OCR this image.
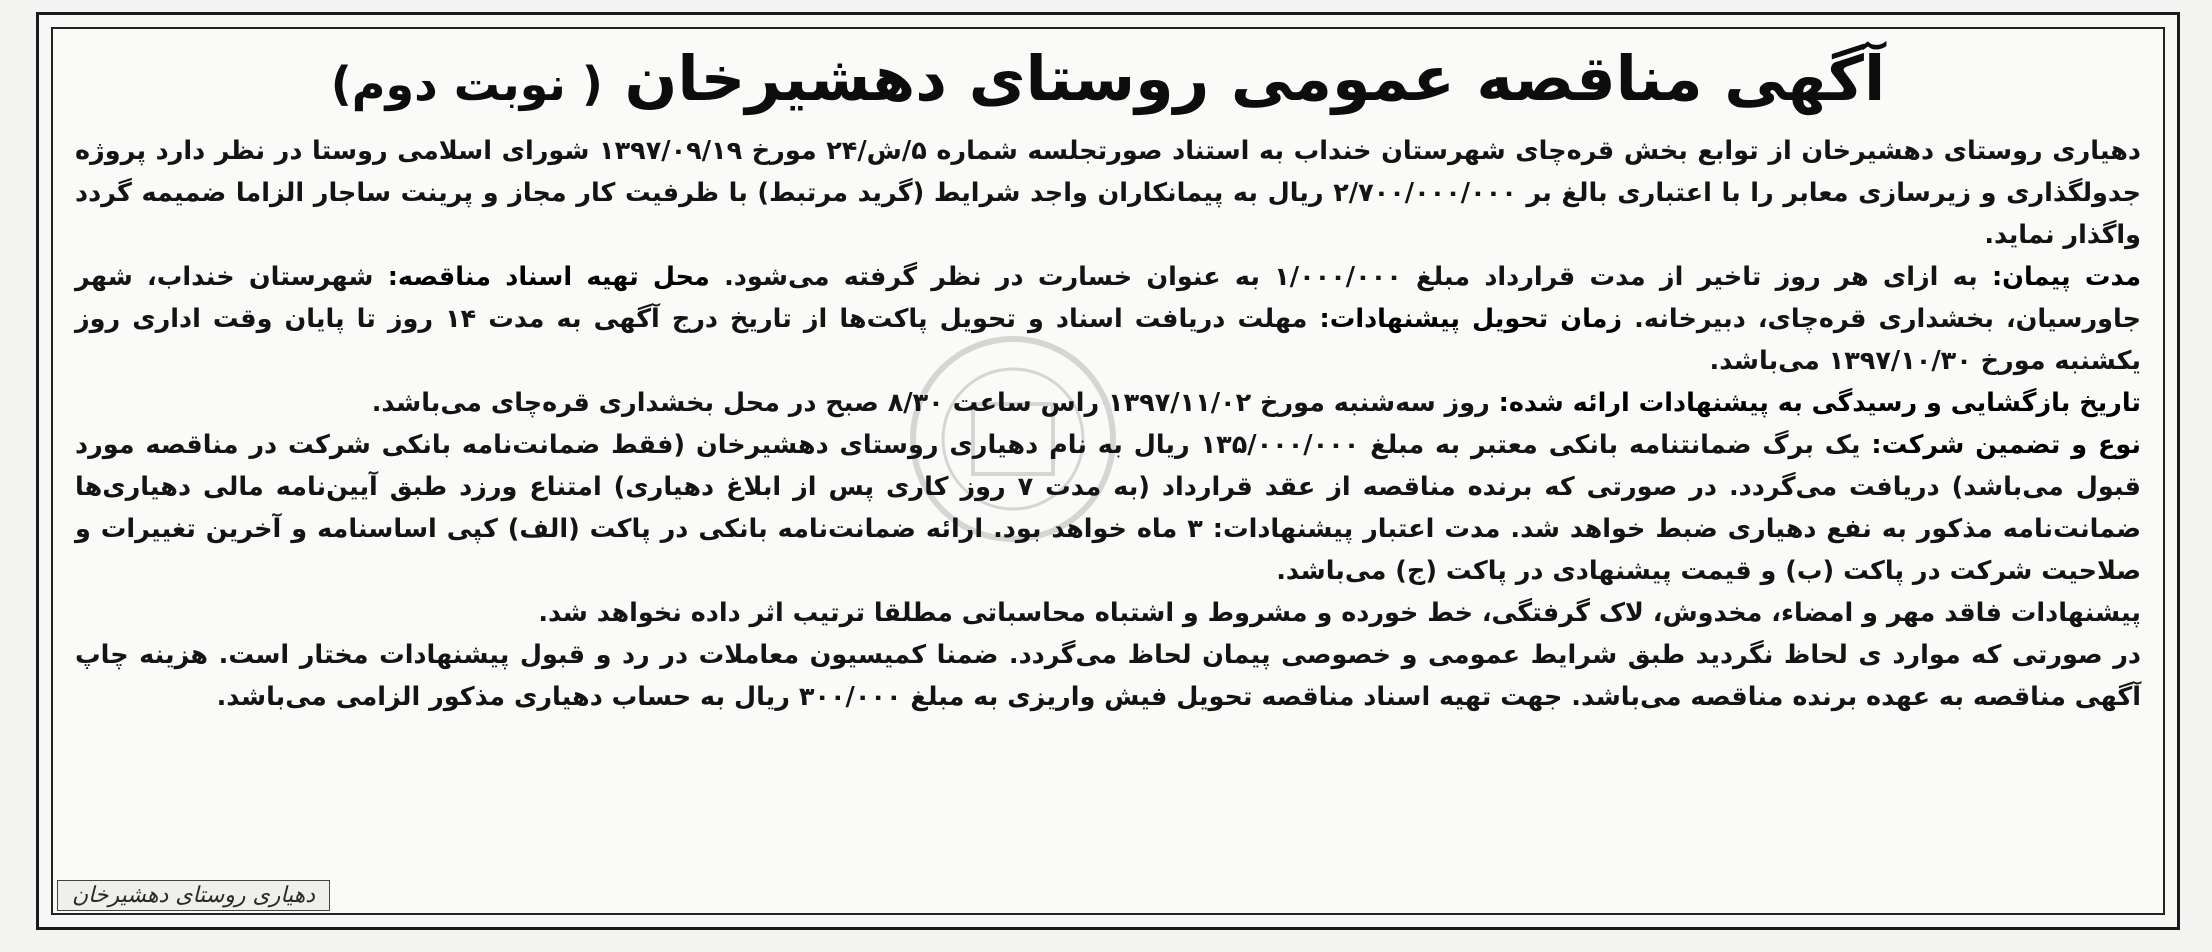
آگهی مناقصه عمومی روستای دهشیرخان ( نوبت دوم)

دهیاری روستای دهشیرخان از توابع بخش قره‌چای شهرستان خنداب به استناد صورتجلسه شماره ۵/ش/۲۴ مورخ ۱۳۹۷/۰۹/۱۹ شورای اسلامی روستا در نظر دارد پروژه جدولگذاری و زیرسازی معابر را با اعتباری بالغ بر ۲/۷۰۰/۰۰۰/۰۰۰ ریال به پیمانکاران واجد شرایط (گرید مرتبط) با ظرفیت کار مجاز و پرینت ساجار الزاما ضمیمه گردد واگذار نماید.

مدت پیمان: به ازای هر روز تاخیر از مدت قرارداد مبلغ ۱/۰۰۰/۰۰۰ به عنوان خسارت در نظر گرفته می‌شود. محل تهیه اسناد مناقصه: شهرستان خنداب، شهر جاورسیان، بخشداری قره‌چای، دبیرخانه. زمان تحویل پیشنهادات: مهلت دریافت اسناد و تحویل پاکت‌ها از تاریخ درج آگهی به مدت ۱۴ روز تا پایان وقت اداری روز یکشنبه مورخ ۱۳۹۷/۱۰/۳۰ می‌باشد.

تاریخ بازگشایی و رسیدگی به پیشنهادات ارائه شده: روز سه‌شنبه مورخ ۱۳۹۷/۱۱/۰۲ راس ساعت ۸/۳۰ صبح در محل بخشداری قره‌چای می‌باشد.

نوع و تضمین شرکت: یک برگ ضمانتنامه بانکی معتبر به مبلغ ۱۳۵/۰۰۰/۰۰۰ ریال به نام دهیاری روستای دهشیرخان (فقط ضمانت‌نامه بانکی شرکت در مناقصه مورد قبول می‌باشد) دریافت می‌گردد. در صورتی که برنده مناقصه از عقد قرارداد (به مدت ۷ روز کاری پس از ابلاغ دهیاری) امتناع ورزد طبق آیین‌نامه مالی دهیاری‌ها ضمانت‌نامه مذکور به نفع دهیاری ضبط خواهد شد. مدت اعتبار پیشنهادات: ۳ ماه خواهد بود. ارائه ضمانت‌نامه بانکی در پاکت (الف) کپی اساسنامه و آخرین تغییرات و صلاحیت شرکت در پاکت (ب) و قیمت پیشنهادی در پاکت (ج) می‌باشد.

پیشنهادات فاقد مهر و امضاء، مخدوش، لاک گرفتگی، خط خورده و مشروط و اشتباه محاسباتی مطلقا ترتیب اثر داده نخواهد شد.

در صورتی که موارد ی لحاظ نگردید طبق شرایط عمومی و خصوصی پیمان لحاظ می‌گردد. ضمنا کمیسیون معاملات در رد و قبول پیشنهادات مختار است. هزینه چاپ آگهی مناقصه به عهده برنده مناقصه می‌باشد. جهت تهیه اسناد مناقصه تحویل فیش واریزی به مبلغ ۳۰۰/۰۰۰ ریال به حساب دهیاری مذکور الزامی می‌باشد.

دهیاری روستای دهشیرخان
